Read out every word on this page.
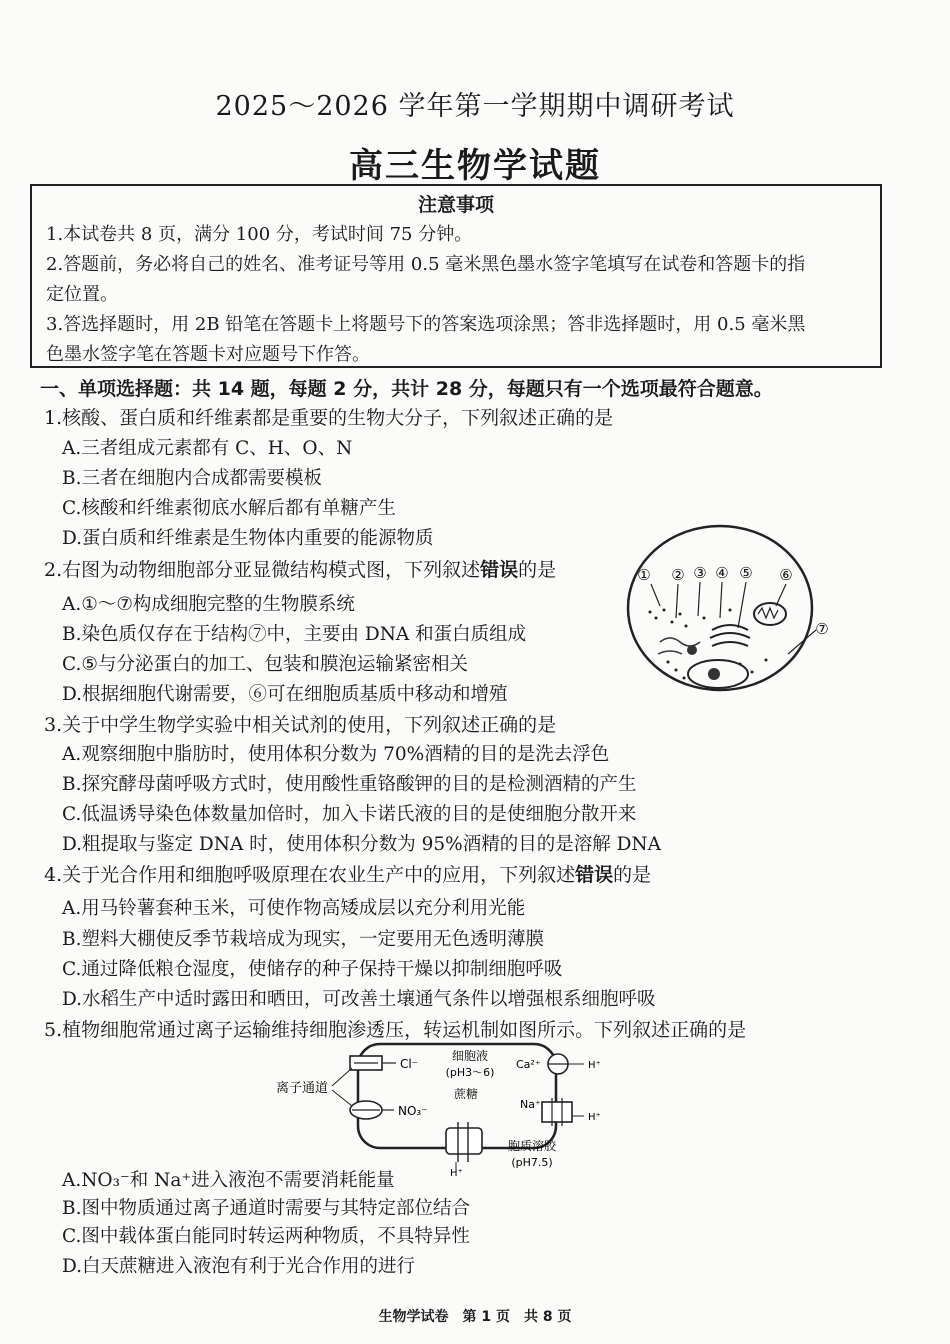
2025～2026 学年第一学期期中调研考试
高三生物学试题
注意事项
1.本试卷共 8 页，满分 100 分，考试时间 75 分钟。
2.答题前，务必将自己的姓名、准考证号等用 0.5 毫米黑色墨水签字笔填写在试卷和答题卡的指
定位置。
3.答选择题时，用 2B 铅笔在答题卡上将题号下的答案选项涂黑；答非选择题时，用 0.5 毫米黑
色墨水签字笔在答题卡对应题号下作答。
一、单项选择题：共 14 题，每题 2 分，共计 28 分，每题只有一个选项最符合题意。
1.核酸、蛋白质和纤维素都是重要的生物大分子，下列叙述正确的是
A.三者组成元素都有 C、H、O、N
B.三者在细胞内合成都需要模板
C.核酸和纤维素彻底水解后都有单糖产生
D.蛋白质和纤维素是生物体内重要的能源物质
2.右图为动物细胞部分亚显微结构模式图，下列叙述错误的是
A.①～⑦构成细胞完整的生物膜系统
B.染色质仅存在于结构⑦中，主要由 DNA 和蛋白质组成
C.⑤与分泌蛋白的加工、包装和膜泡运输紧密相关
D.根据细胞代谢需要，⑥可在细胞质基质中移动和增殖
① ② ③ ④ ⑤ ⑥
⑦
3.关于中学生物学实验中相关试剂的使用，下列叙述正确的是
A.观察细胞中脂肪时，使用体积分数为 70%酒精的目的是洗去浮色
B.探究酵母菌呼吸方式时，使用酸性重铬酸钾的目的是检测酒精的产生
C.低温诱导染色体数量加倍时，加入卡诺氏液的目的是使细胞分散开来
D.粗提取与鉴定 DNA 时，使用体积分数为 95%酒精的目的是溶解 DNA
4.关于光合作用和细胞呼吸原理在农业生产中的应用，下列叙述错误的是
A.用马铃薯套种玉米，可使作物高矮成层以充分利用光能
B.塑料大棚使反季节栽培成为现实，一定要用无色透明薄膜
C.通过降低粮仓湿度，使储存的种子保持干燥以抑制细胞呼吸
D.水稻生产中适时露田和晒田，可改善土壤通气条件以增强根系细胞呼吸
5.植物细胞常通过离子运输维持细胞渗透压，转运机制如图所示。下列叙述正确的是
Cl⁻
NO₃⁻
离子通道
细胞液
(pH3～6)
蔗糖
H⁺
Ca²⁺	H⁺
Na⁺
H⁺
胞质溶胶
(pH7.5)
A.NO₃⁻和 Na⁺进入液泡不需要消耗能量
B.图中物质通过离子通道时需要与其特定部位结合
C.图中载体蛋白能同时转运两种物质，不具特异性
D.白天蔗糖进入液泡有利于光合作用的进行
生物学试卷　第 1 页　共 8 页
